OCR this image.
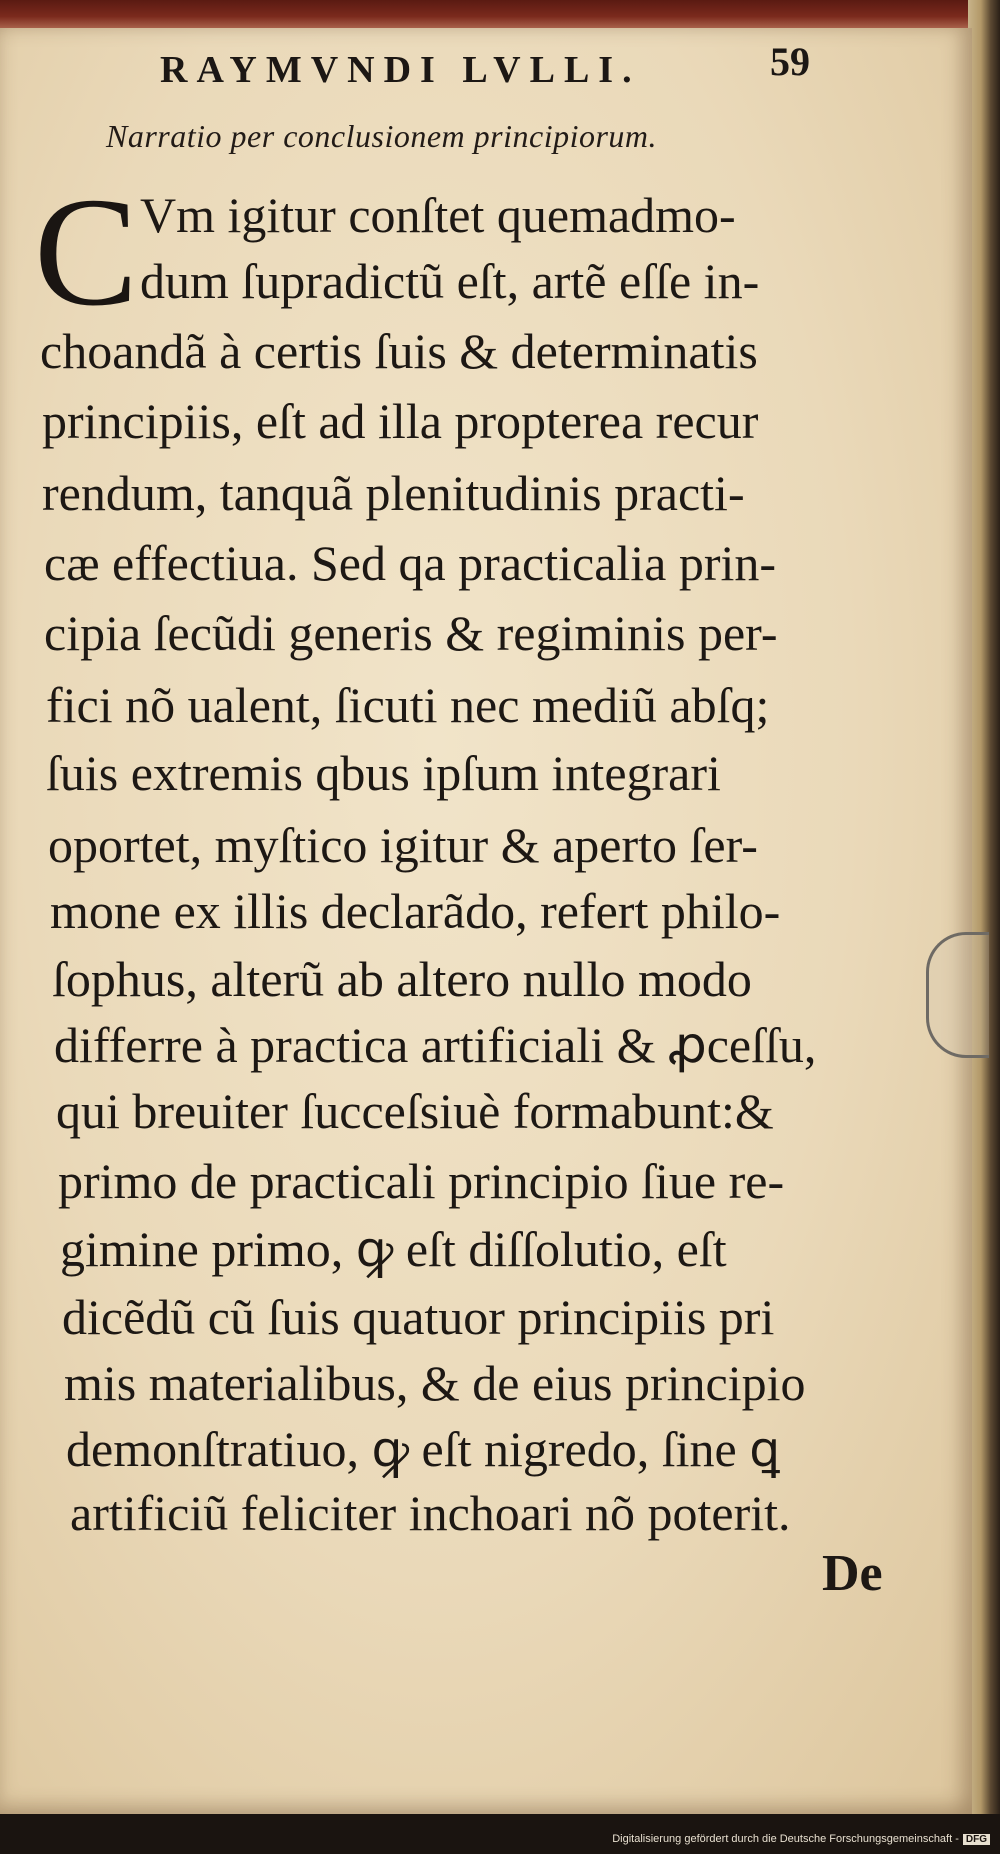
RAYMVNDI LVLLI.	59
Narratio per conclusionem principiorum.
C Vm igitur conſtet quemadmo-
dum ſupradictũ eſt, artẽ eſſe in-
choandã à certis ſuis & determinatis
principiis, eſt ad illa propterea recur
rendum, tanquã plenitudinis practi-
cæ effectiua. Sed qa practicalia prin-
cipia ſecũdi generis & regiminis per-
fici nõ ualent, ſicuti nec mediũ abſq;
ſuis extremis qbus ipſum integrari
oportet, myſtico igitur & aperto ſer-
mone ex illis declarãdo, refert philo-
ſophus, alterũ ab altero nullo modo
differre à practica artificiali & ꝓceſſu,
qui breuiter ſucceſsiuè formabunt:&
primo de practicali principio ſiue re-
gimine primo, ꝙ eſt diſſolutio, eſt
dicẽdũ cũ ſuis quatuor principiis pri
mis materialibus, & de eius principio
demonſtratiuo, ꝙ eſt nigredo, ſine ꝗ
artificiũ feliciter inchoari nõ poterit.
De
Digitalisierung gefördert durch die Deutsche Forschungsgemeinschaft - DFG
